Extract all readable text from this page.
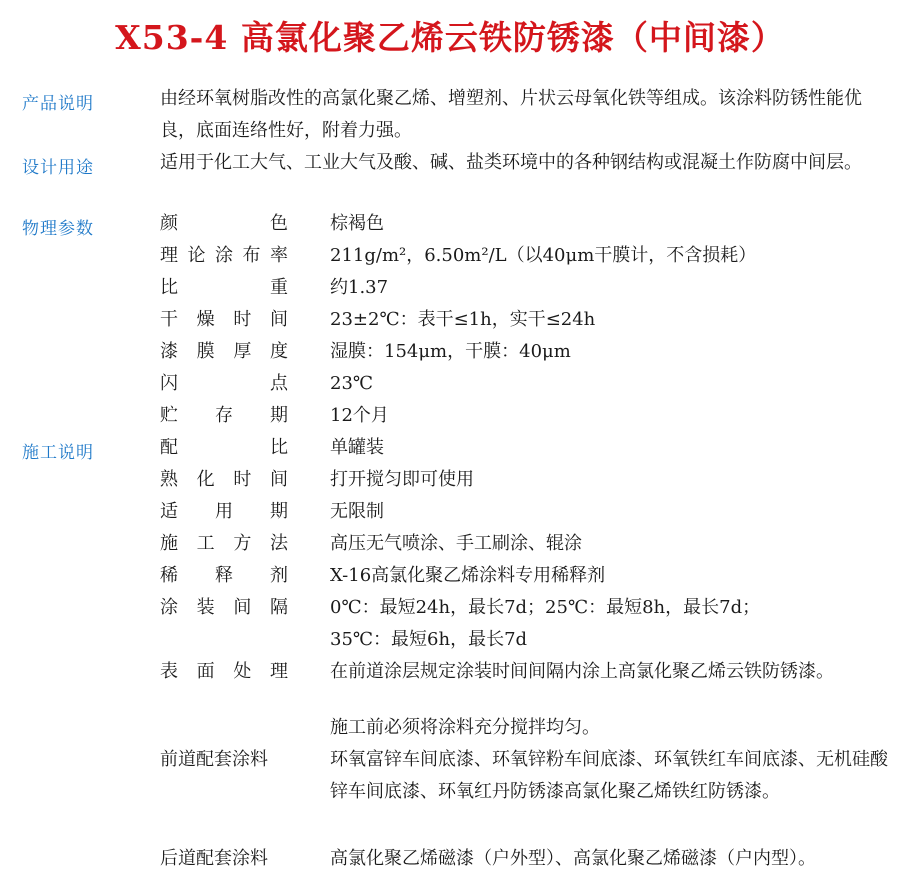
X53-4 高氯化聚乙烯云铁防锈漆（中间漆）
产品说明	由经环氧树脂改性的高氯化聚乙烯、增塑剂、片状云母氧化铁等组成。该涂料防锈性能优良，底面连络性好，附着力强。
设计用途	适用于化工大气、工业大气及酸、碱、盐类环境中的各种钢结构或混凝土作防腐中间层。
物理参数	颜色 棕褐色
理论涂布率 211g/m²，6.50m²/L（以40μm干膜计，不含损耗）
比重 约1.37
干燥时间 23±2℃：表干≤1h，实干≤24h
漆膜厚度 湿膜：154μm，干膜：40μm
闪点 23℃
贮存期 12个月
施工说明	配比 单罐装
熟化时间 打开搅匀即可使用
适用期 无限制
施工方法 高压无气喷涂、手工刷涂、辊涂
稀释剂 X-16高氯化聚乙烯涂料专用稀释剂
涂装间隔 0℃：最短24h，最长7d；25℃：最短8h，最长7d；35℃：最短6h，最长7d
表面处理 在前道涂层规定涂装时间间隔内涂上高氯化聚乙烯云铁防锈漆。
施工前必须将涂料充分搅拌均匀。
前道配套涂料	环氧富锌车间底漆、环氧锌粉车间底漆、环氧铁红车间底漆、无机硅酸锌车间底漆、环氧红丹防锈漆高氯化聚乙烯铁红防锈漆。
后道配套涂料	高氯化聚乙烯磁漆（户外型）、高氯化聚乙烯磁漆（户内型）。
